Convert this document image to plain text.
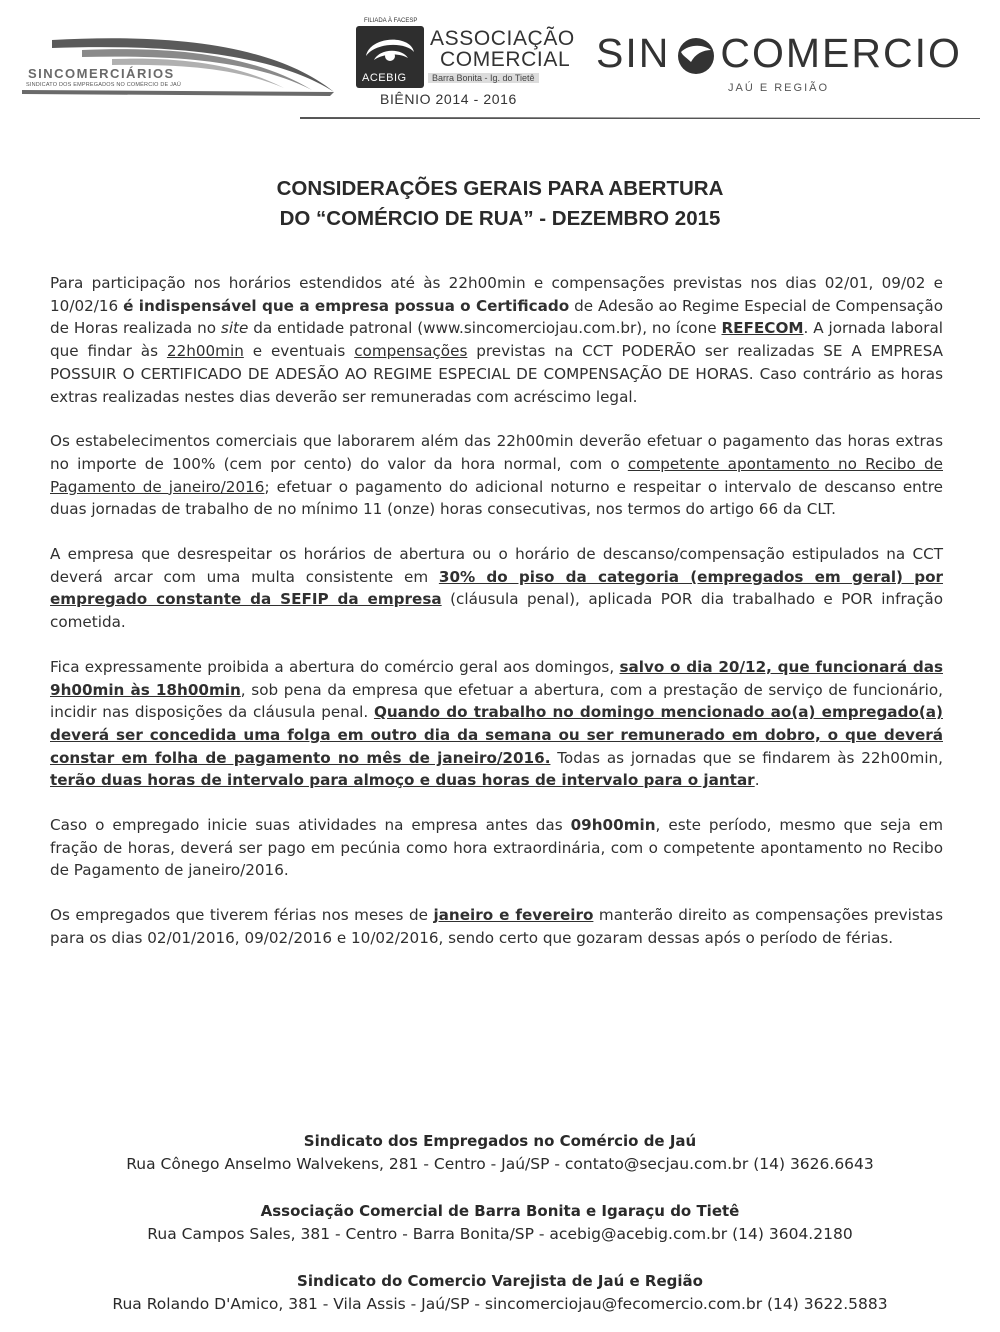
SINCOMERCIÁRIOS
SINDICATO DOS EMPREGADOS NO COMÉRCIO DE JAÚ
FILIADA À FACESP
ASSOCIAÇÃO
COMERCIAL
ACEBIG	Barra Bonita - Ig. do Tietê
BIÊNIO 2014 - 2016
SIN COMERCIO
JAÚ E REGIÃO
CONSIDERAÇÕES GERAIS PARA ABERTURA
DO “COMÉRCIO DE RUA” - DEZEMBRO 2015

Para participação nos horários estendidos até às 22h00min e compensações previstas nos dias 02/01, 09/02 e 10/02/16 é indispensável que a empresa possua o Certificado de Adesão ao Regime Especial de Compensação de Horas realizada no site da entidade patronal (www.sincomerciojau.com.br), no ícone REFECOM. A jornada laboral que findar às 22h00min e eventuais compensações previstas na CCT PODERÃO ser realizadas SE A EMPRESA POSSUIR O CERTIFICADO DE ADESÃO AO REGIME ESPECIAL DE COMPENSAÇÃO DE HORAS. Caso contrário as horas extras realizadas nestes dias deverão ser remuneradas com acréscimo legal.

Os estabelecimentos comerciais que laborarem além das 22h00min deverão efetuar o pagamento das horas extras no importe de 100% (cem por cento) do valor da hora normal, com o competente apontamento no Recibo de Pagamento de janeiro/2016; efetuar o pagamento do adicional noturno e respeitar o intervalo de descanso entre duas jornadas de trabalho de no mínimo 11 (onze) horas consecutivas, nos termos do artigo 66 da CLT.

A empresa que desrespeitar os horários de abertura ou o horário de descanso/compensação estipulados na CCT deverá arcar com uma multa consistente em 30% do piso da categoria (empregados em geral) por empregado constante da SEFIP da empresa (cláusula penal), aplicada POR dia trabalhado e POR infração cometida.

Fica expressamente proibida a abertura do comércio geral aos domingos, salvo o dia 20/12, que funcionará das 9h00min às 18h00min, sob pena da empresa que efetuar a abertura, com a prestação de serviço de funcionário, incidir nas disposições da cláusula penal. Quando do trabalho no domingo mencionado ao(a) empregado(a) deverá ser concedida uma folga em outro dia da semana ou ser remunerado em dobro, o que deverá constar em folha de pagamento no mês de janeiro/2016. Todas as jornadas que se findarem às 22h00min, terão duas horas de intervalo para almoço e duas horas de intervalo para o jantar.

Caso o empregado inicie suas atividades na empresa antes das 09h00min, este período, mesmo que seja em fração de horas, deverá ser pago em pecúnia como hora extraordinária, com o competente apontamento no Recibo de Pagamento de janeiro/2016.

Os empregados que tiverem férias nos meses de janeiro e fevereiro manterão direito as compensações previstas para os dias 02/01/2016, 09/02/2016 e 10/02/2016, sendo certo que gozaram dessas após o período de férias.

Sindicato dos Empregados no Comércio de Jaú
Rua Cônego Anselmo Walvekens, 281 - Centro - Jaú/SP - contato@secjau.com.br (14) 3626.6643
Associação Comercial de Barra Bonita e Igaraçu do Tietê
Rua Campos Sales, 381 - Centro - Barra Bonita/SP - acebig@acebig.com.br (14) 3604.2180
Sindicato do Comercio Varejista de Jaú e Região
Rua Rolando D'Amico, 381 - Vila Assis - Jaú/SP - sincomerciojau@fecomercio.com.br (14) 3622.5883
